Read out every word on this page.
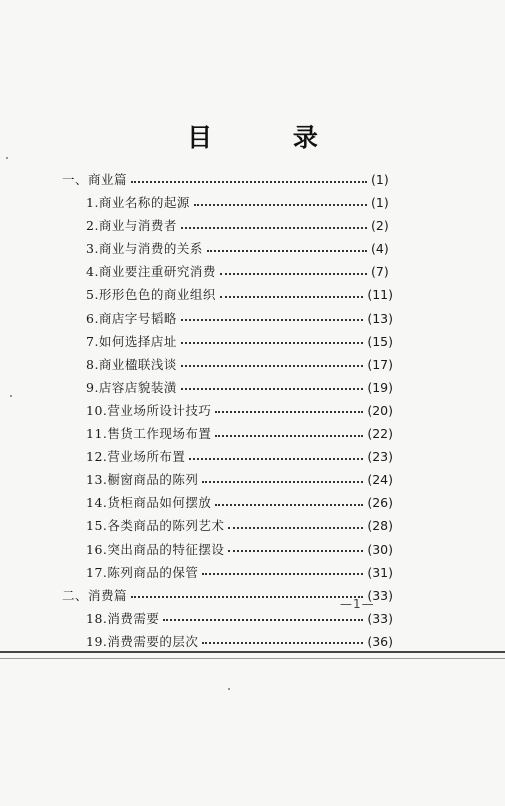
目 录
一、商业篇	(1)
1.商业名称的起源	(1)
2.商业与消费者	(2)
3.商业与消费的关系	(4)
4.商业要注重研究消费	(7)
5.形形色色的商业组织	(11)
6.商店字号韬略	(13)
7.如何选择店址	(15)
8.商业楹联浅谈	(17)
9.店容店貌装潢	(19)
10.营业场所设计技巧	(20)
11.售货工作现场布置	(22)
12.营业场所布置	(23)
13.橱窗商品的陈列	(24)
14.货柜商品如何摆放	(26)
15.各类商品的陈列艺术	(28)
16.突出商品的特征摆设	(30)
17.陈列商品的保管	(31)
二、消费篇	(33)
18.消费需要	(33)
19.消费需要的层次	(36)
—1—
